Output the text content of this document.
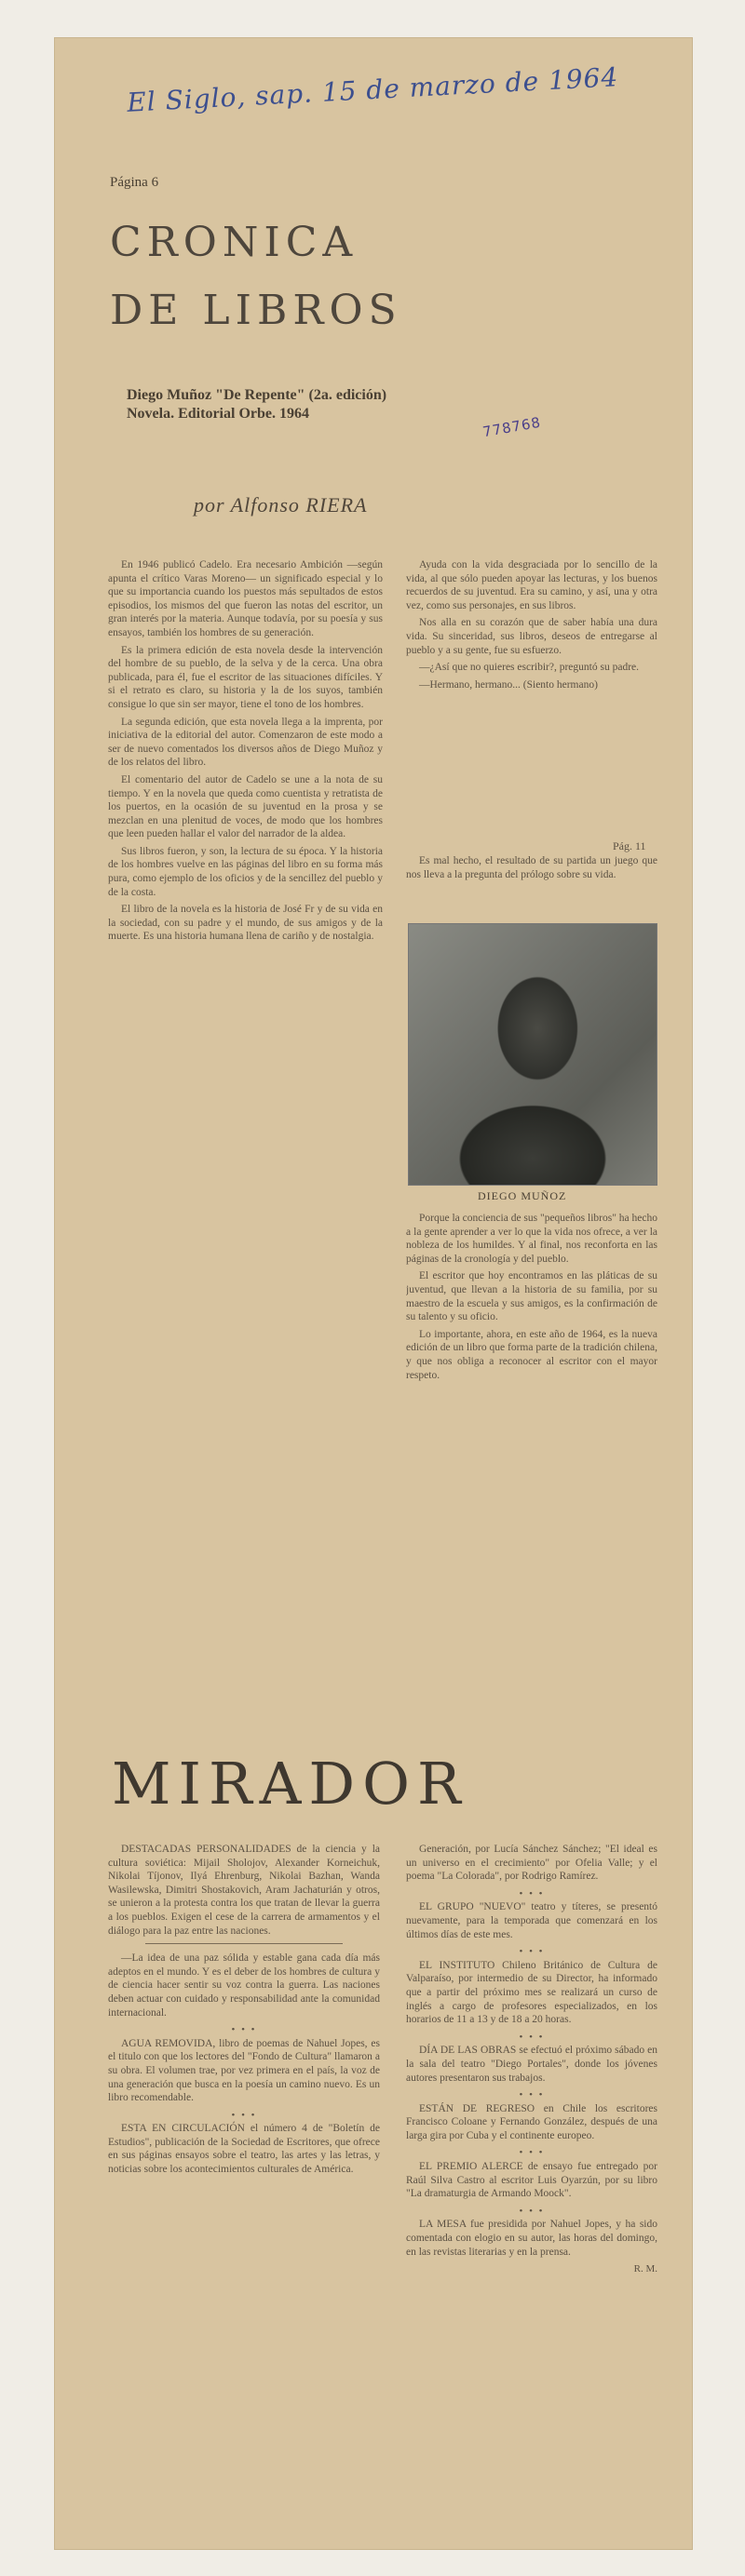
El Siglo, sap. 15 de marzo de 1964
778768
Página 6
CRONICA
DE LIBROS
Diego Muñoz "De Repente" (2a. edición) Novela. Editorial Orbe. 1964
por Alfonso RIERA

En 1946 publicó Cadelo. Era necesario Ambición —según apunta el crítico Varas Moreno— un significado especial y lo que su importancia cuando los puestos más sepultados de estos episodios, los mismos del que fueron las notas del escritor, un gran interés por la materia. Aunque todavía, por su poesía y sus ensayos, también los hombres de su generación.

Es la primera edición de esta novela desde la intervención del hombre de su pueblo, de la selva y de la cerca. Una obra publicada, para él, fue el escritor de las situaciones difíciles. Y si el retrato es claro, su historia y la de los suyos, también consigue lo que sin ser mayor, tiene el tono de los hombres.

La segunda edición, que esta novela llega a la imprenta, por iniciativa de la editorial del autor. Comenzaron de este modo a ser de nuevo comentados los diversos años de Diego Muñoz y de los relatos del libro.

El comentario del autor de Cadelo se une a la nota de su tiempo. Y en la novela que queda como cuentista y retratista de los puertos, en la ocasión de su juventud en la prosa y se mezclan en una plenitud de voces, de modo que los hombres que leen pueden hallar el valor del narrador de la aldea.

Sus libros fueron, y son, la lectura de su época. Y la historia de los hombres vuelve en las páginas del libro en su forma más pura, como ejemplo de los oficios y de la sencillez del pueblo y de la costa.

El libro de la novela es la historia de José Fr y de su vida en la sociedad, con su padre y el mundo, de sus amigos y de la muerte. Es una historia humana llena de cariño y de nostalgia.

Ayuda con la vida desgraciada por lo sencillo de la vida, al que sólo pueden apoyar las lecturas, y los buenos recuerdos de su juventud. Era su camino, y así, una y otra vez, como sus personajes, en sus libros.

Nos alla en su corazón que de saber había una dura vida. Su sinceridad, sus libros, deseos de entregarse al pueblo y a su gente, fue su esfuerzo.

—¿Así que no quieres escribir?, preguntó su padre.

—Hermano, hermano... (Siento hermano)

Pág. 11

Es mal hecho, el resultado de su partida un juego que nos lleva a la pregunta del prólogo sobre su vida.

DIEGO MUÑOZ

Porque la conciencia de sus "pequeños libros" ha hecho a la gente aprender a ver lo que la vida nos ofrece, a ver la nobleza de los humildes. Y al final, nos reconforta en las páginas de la cronología y del pueblo.

El escritor que hoy encontramos en las pláticas de su juventud, que llevan a la historia de su familia, por su maestro de la escuela y sus amigos, es la confirmación de su talento y su oficio.

Lo importante, ahora, en este año de 1964, es la nueva edición de un libro que forma parte de la tradición chilena, y que nos obliga a reconocer al escritor con el mayor respeto.

MIRADOR

DESTACADAS PERSONALIDADES de la ciencia y la cultura soviética: Mijail Sholojov, Alexander Korneichuk, Nikolai Tíjonov, Ilyá Ehrenburg, Nikolai Bazhan, Wanda Wasilewska, Dimitri Shostakovich, Aram Jachaturián y otros, se unieron a la protesta contra los que tratan de llevar la guerra a los pueblos. Exigen el cese de la carrera de armamentos y el diálogo para la paz entre las naciones.

—La idea de una paz sólida y estable gana cada día más adeptos en el mundo. Y es el deber de los hombres de cultura y de ciencia hacer sentir su voz contra la guerra. Las naciones deben actuar con cuidado y responsabilidad ante la comunidad internacional.

• • •

AGUA REMOVIDA, libro de poemas de Nahuel Jopes, es el titulo con que los lectores del "Fondo de Cultura" llamaron a su obra. El volumen trae, por vez primera en el país, la voz de una generación que busca en la poesía un camino nuevo. Es un libro recomendable.

• • •

ESTA EN CIRCULACIÓN el número 4 de "Boletín de Estudios", publicación de la Sociedad de Escritores, que ofrece en sus páginas ensayos sobre el teatro, las artes y las letras, y noticias sobre los acontecimientos culturales de América.

Generación, por Lucía Sánchez Sánchez; "El ideal es un universo en el crecimiento" por Ofelia Valle; y el poema "La Colorada", por Rodrigo Ramírez.

• • •

EL GRUPO "NUEVO" teatro y títeres, se presentó nuevamente, para la temporada que comenzará en los últimos días de este mes.

• • •

EL INSTITUTO Chileno Británico de Cultura de Valparaíso, por intermedio de su Director, ha informado que a partir del próximo mes se realizará un curso de inglés a cargo de profesores especializados, en los horarios de 11 a 13 y de 18 a 20 horas.

• • •

DÍA DE LAS OBRAS se efectuó el próximo sábado en la sala del teatro "Diego Portales", donde los jóvenes autores presentaron sus trabajos.

• • •

ESTÁN DE REGRESO en Chile los escritores Francisco Coloane y Fernando González, después de una larga gira por Cuba y el continente europeo.

• • •

EL PREMIO ALERCE de ensayo fue entregado por Raúl Silva Castro al escritor Luis Oyarzún, por su libro "La dramaturgia de Armando Moock".

• • •

LA MESA fue presidida por Nahuel Jopes, y ha sido comentada con elogio en su autor, las horas del domingo, en las revistas literarias y en la prensa.

R. M.
